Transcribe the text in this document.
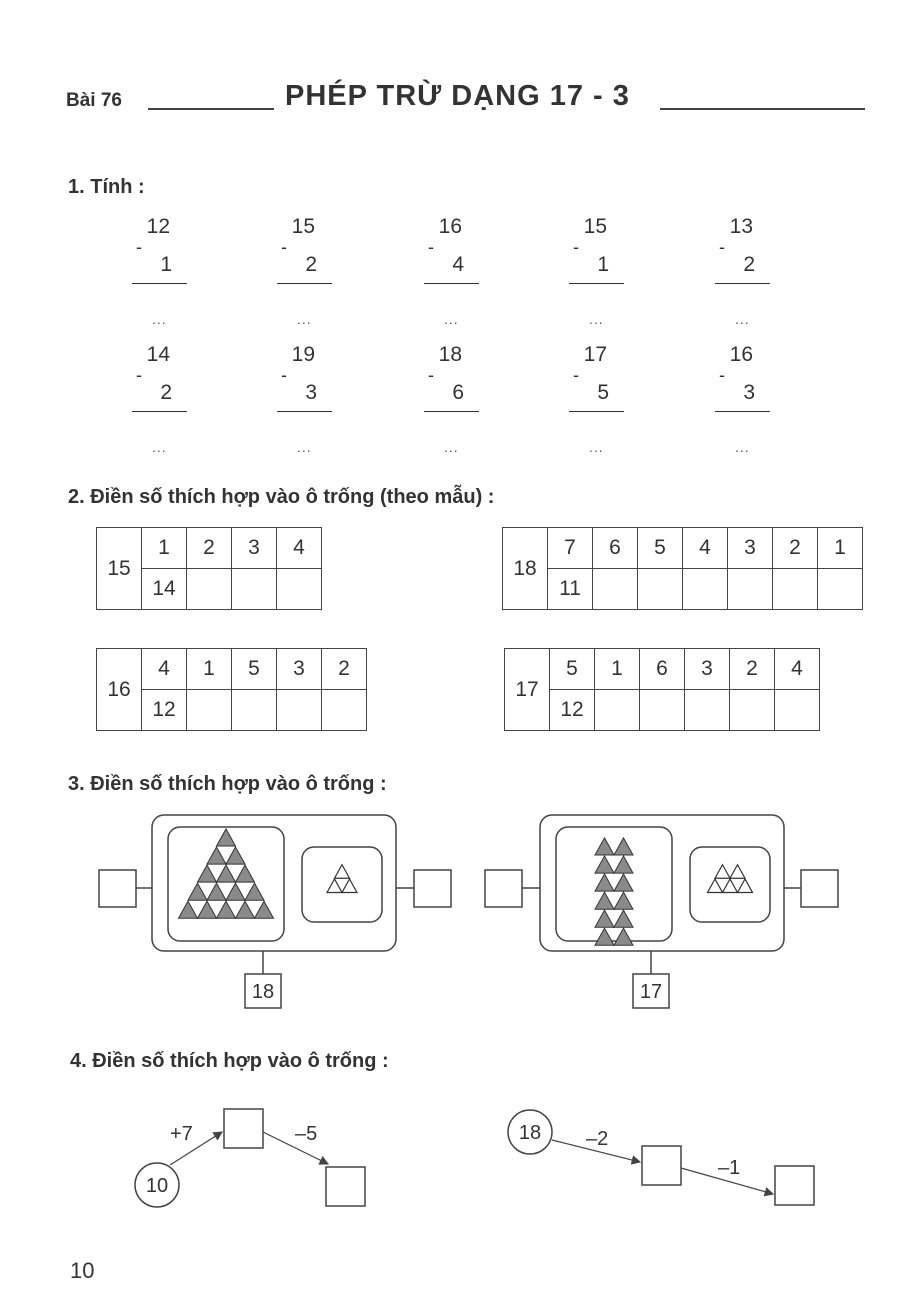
Bài 76	PHÉP TRỪ DẠNG 17 - 3
1. Tính :
12
-
1
...
15
-
2
...
16
-
4
...
15
-
1
...
13
-
2
...
14
-
2
...
19
-
3
...
18
-
6
...
17
-
5
...
16
-
3
...
2. Điền số thích hợp vào ô trống (theo mẫu) :
15	1	2	3	4
	14			
18	7	6	5	4	3	2	1
	11						
16	4	1	5	3	2
	12				
17	5	1	6	3	2	4
	12					
3. Điền số thích hợp vào ô trống :
18	17
4. Điền số thích hợp vào ô trống :
10
+7	–5	18 –2
–1
10
